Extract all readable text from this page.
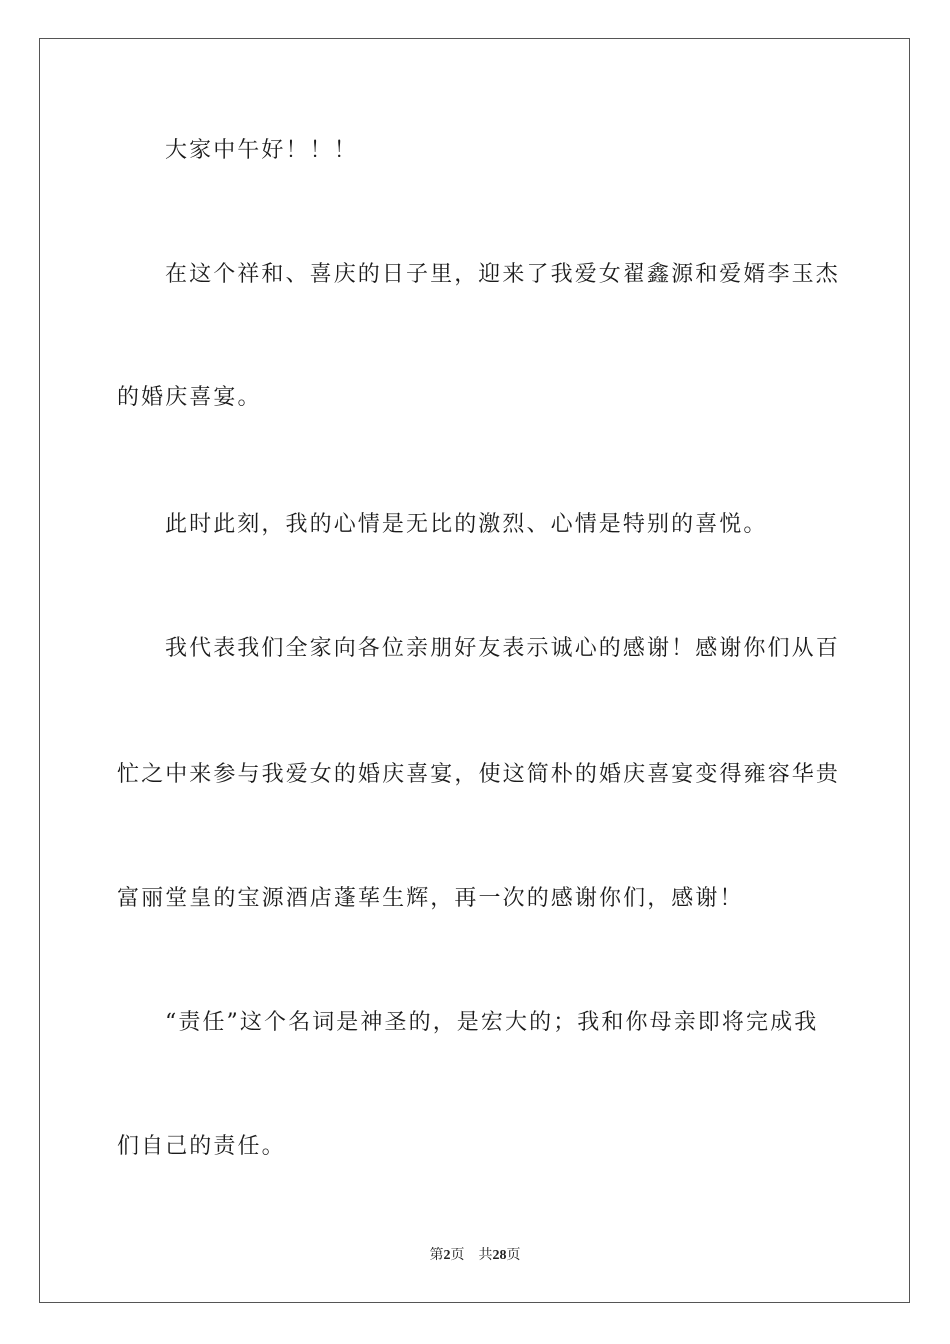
大家中午好！！！
在这个祥和、喜庆的日子里，迎来了我爱女翟鑫源和爱婿李玉杰
的婚庆喜宴。
此时此刻，我的心情是无比的激烈、心情是特别的喜悦。
我代表我们全家向各位亲朋好友表示诚心的感谢！感谢你们从百
忙之中来参与我爱女的婚庆喜宴，使这简朴的婚庆喜宴变得雍容华贵
富丽堂皇的宝源酒店蓬荜生辉，再一次的感谢你们，感谢！
“责任”这个名词是神圣的，是宏大的；我和你母亲即将完成我
们自己的责任。
第2页 共28页
